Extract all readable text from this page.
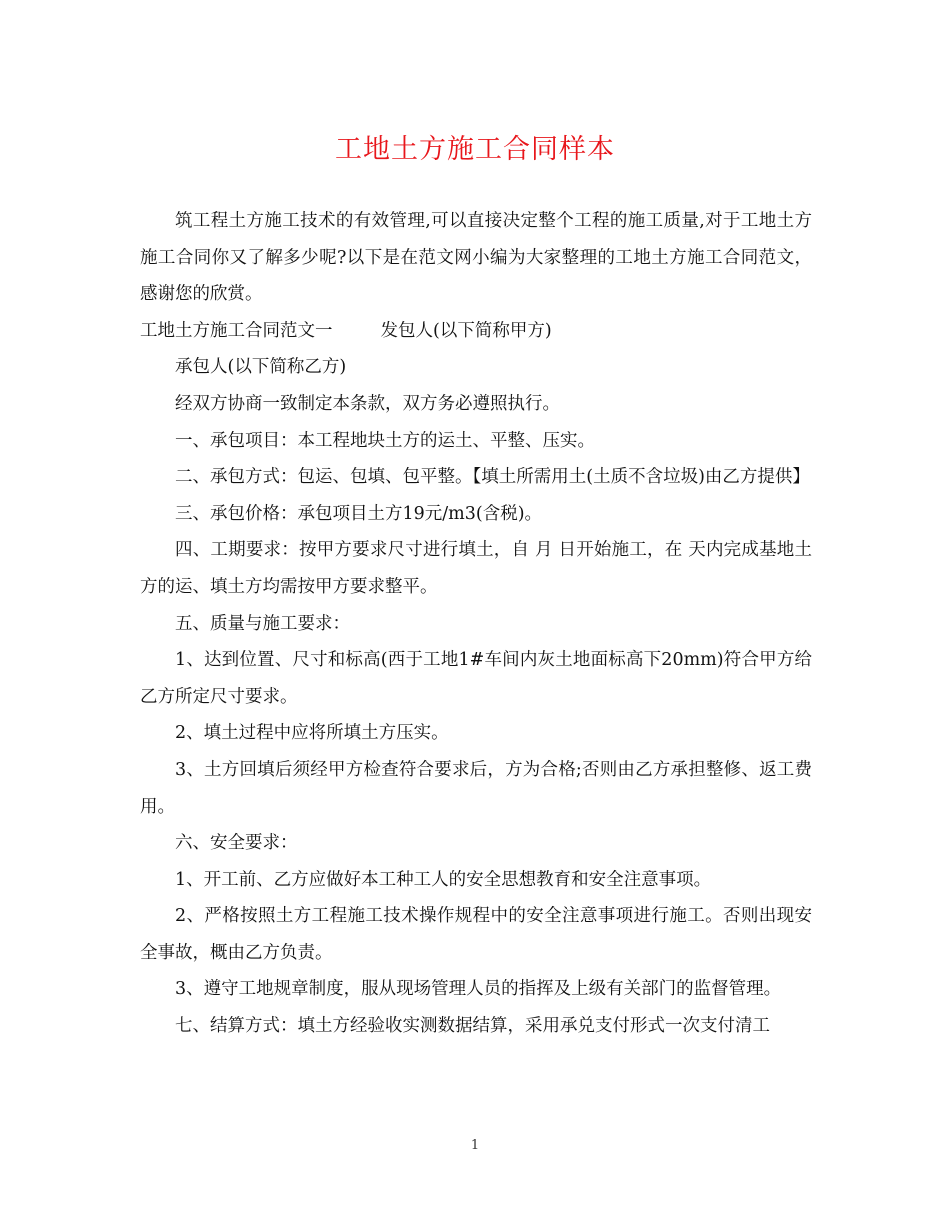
工地土方施工合同样本

筑工程土方施工技术的有效管理,可以直接决定整个工程的施工质量,对于工地土方施工合同你又了解多少呢?以下是在范文网小编为大家整理的工地土方施工合同范文，感谢您的欣赏。

工地土方施工合同范文一	发包人(以下简称甲方)

承包人(以下简称乙方)

经双方协商一致制定本条款，双方务必遵照执行。

一、承包项目：本工程地块土方的运土、平整、压实。

二、承包方式：包运、包填、包平整。【填土所需用土(土质不含垃圾)由乙方提供】

三、承包价格：承包项目土方19元/m3(含税)。

四、工期要求：按甲方要求尺寸进行填土，自 月 日开始施工，在 天内完成基地土方的运、填土方均需按甲方要求整平。

五、质量与施工要求：

1、达到位置、尺寸和标高(西于工地1#车间内灰土地面标高下20mm)符合甲方给乙方所定尺寸要求。

2、填土过程中应将所填土方压实。

3、土方回填后须经甲方检查符合要求后，方为合格;否则由乙方承担整修、返工费用。

六、安全要求：

1、开工前、乙方应做好本工种工人的安全思想教育和安全注意事项。

2、严格按照土方工程施工技术操作规程中的安全注意事项进行施工。否则出现安全事故，概由乙方负责。

3、遵守工地规章制度，服从现场管理人员的指挥及上级有关部门的监督管理。

七、结算方式：填土方经验收实测数据结算，采用承兑支付形式一次支付清工

1
